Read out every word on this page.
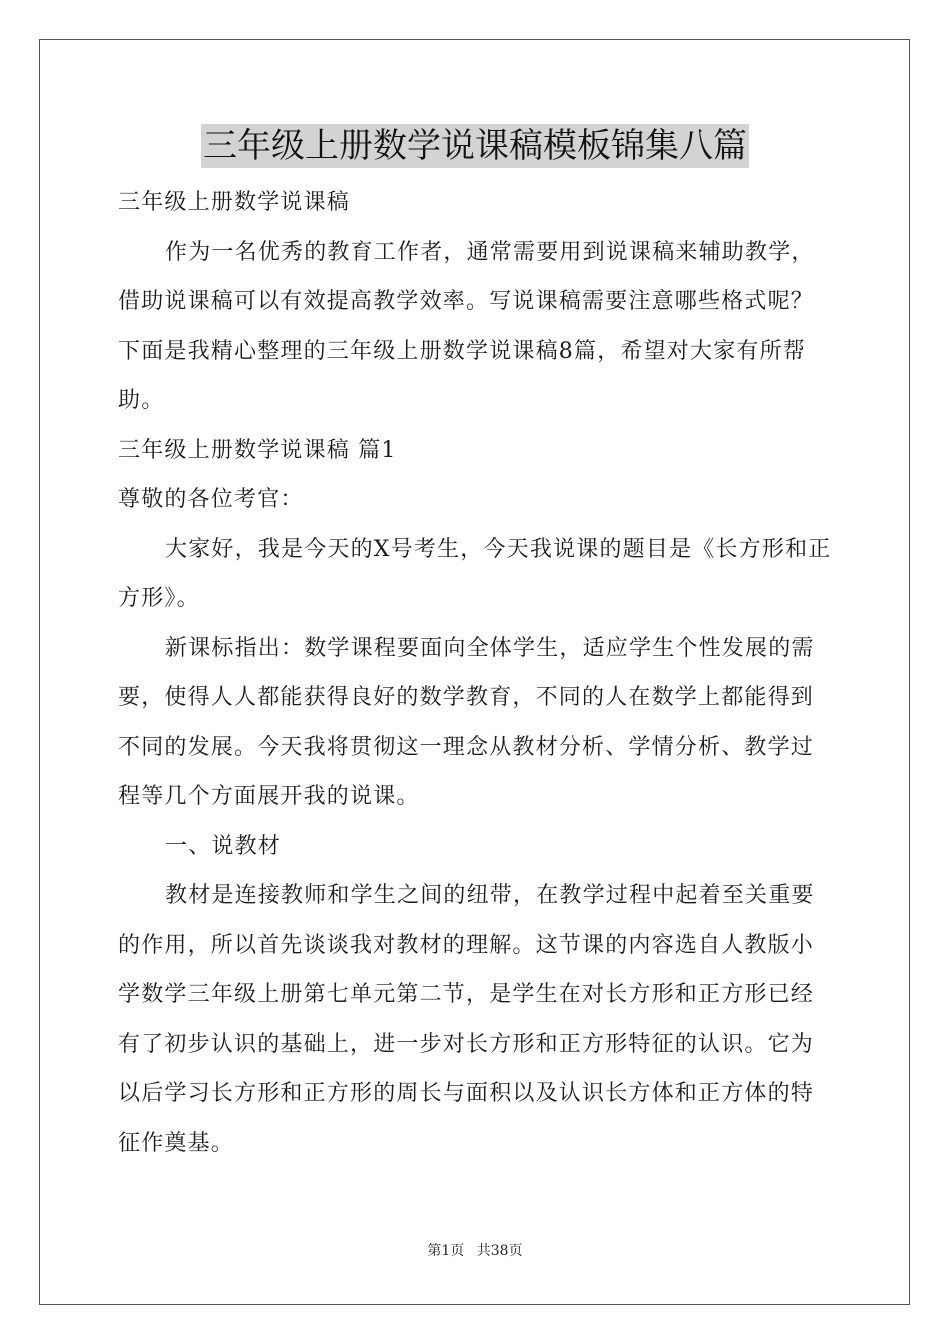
三年级上册数学说课稿模板锦集八篇

三年级上册数学说课稿

作为一名优秀的教育工作者，通常需要用到说课稿来辅助教学，借助说课稿可以有效提高教学效率。写说课稿需要注意哪些格式呢？下面是我精心整理的三年级上册数学说课稿8篇，希望对大家有所帮助。

三年级上册数学说课稿 篇1

尊敬的各位考官：

大家好，我是今天的X号考生，今天我说课的题目是《长方形和正方形》。

新课标指出：数学课程要面向全体学生，适应学生个性发展的需要，使得人人都能获得良好的数学教育，不同的人在数学上都能得到不同的发展。今天我将贯彻这一理念从教材分析、学情分析、教学过程等几个方面展开我的说课。

一、说教材

教材是连接教师和学生之间的纽带，在教学过程中起着至关重要的作用，所以首先谈谈我对教材的理解。这节课的内容选自人教版小学数学三年级上册第七单元第二节，是学生在对长方形和正方形已经有了初步认识的基础上，进一步对长方形和正方形特征的认识。它为以后学习长方形和正方形的周长与面积以及认识长方体和正方体的特征作奠基。

第1页 共38页
